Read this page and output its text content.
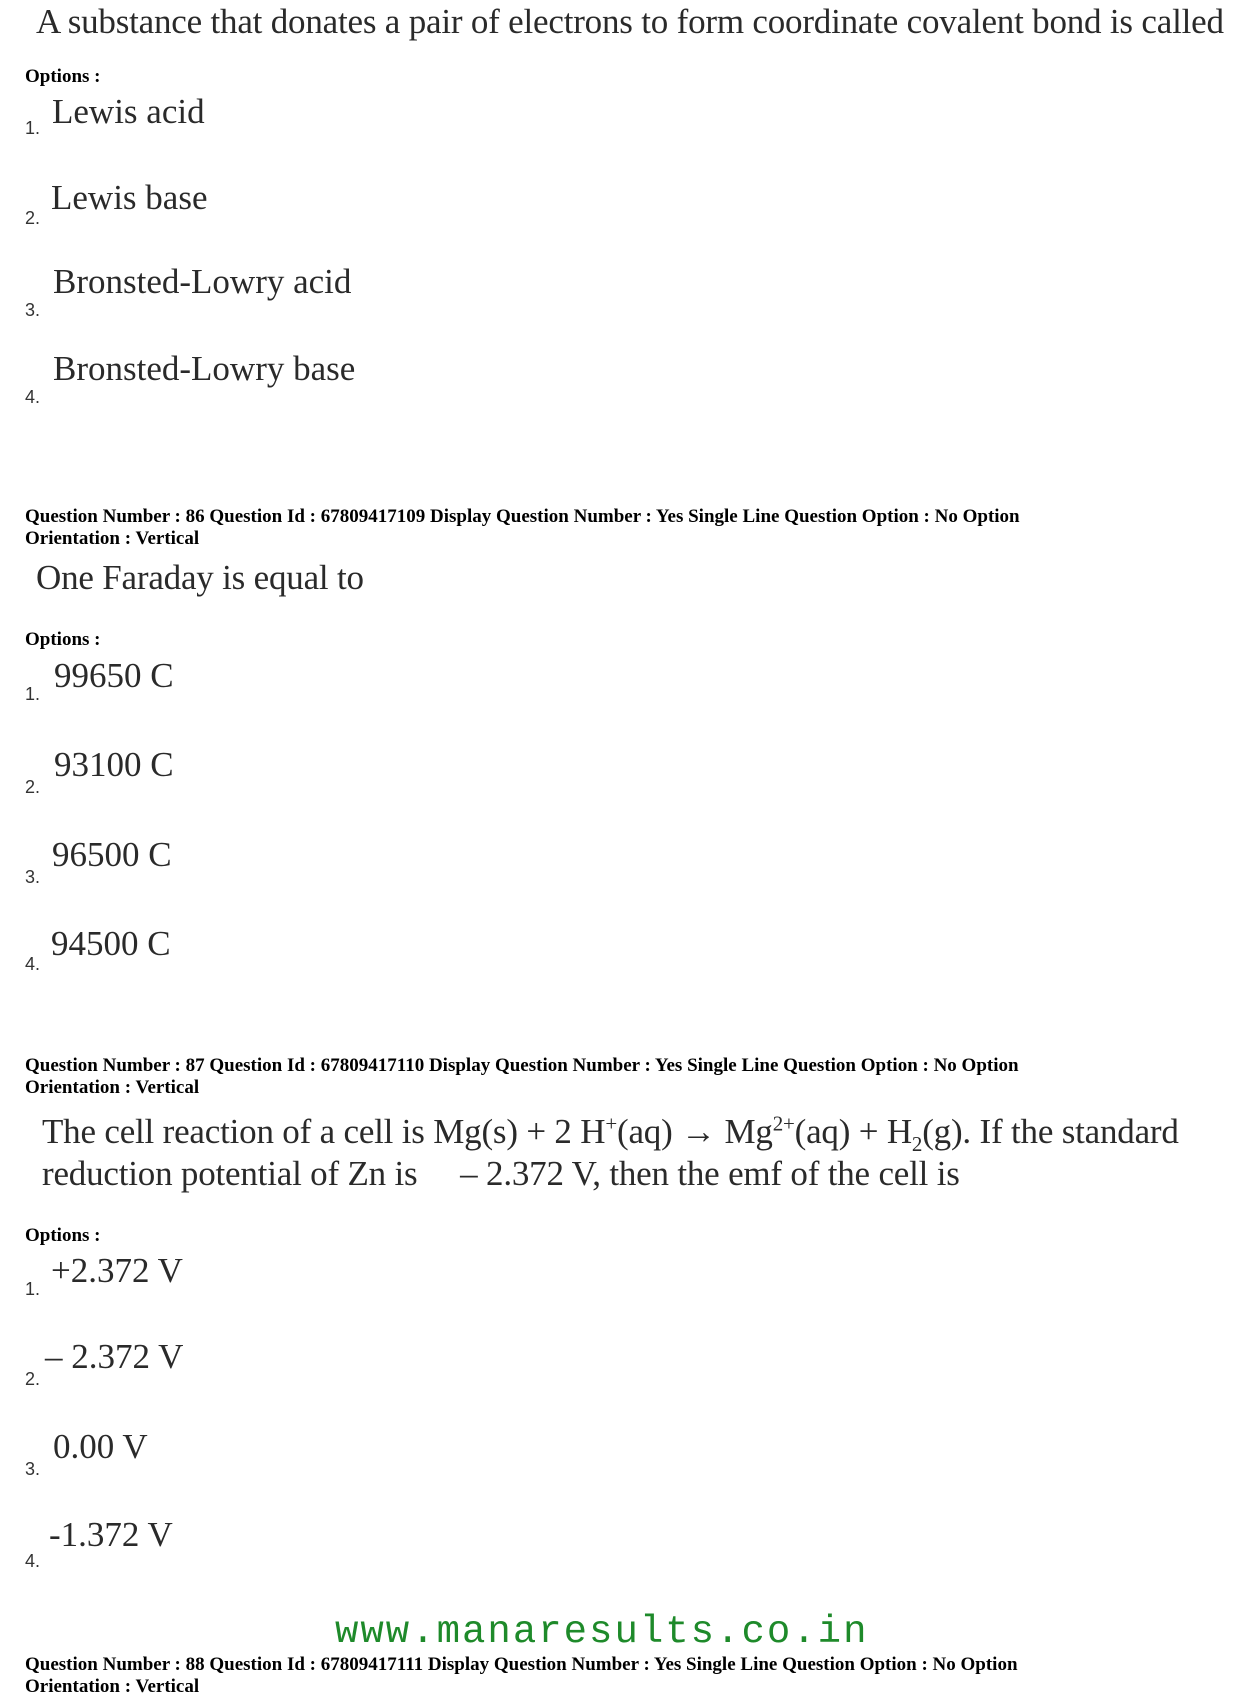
A substance that donates a pair of electrons to form coordinate covalent bond is called
Options :
1. Lewis acid
2.
Lewis base
3.
Bronsted-Lowry acid
4.
Bronsted-Lowry base
Question Number : 86 Question Id : 67809417109 Display Question Number : Yes Single Line Question Option : No Option
Orientation : Vertical
One Faraday is equal to
Options :
1. 99650 C
2.
93100 C
3.
96500 C
4.
94500 C
Question Number : 87 Question Id : 67809417110 Display Question Number : Yes Single Line Question Option : No Option
Orientation : Vertical
The cell reaction of a cell is Mg(s) + 2 $H^+(aq) \to Mg^{2+}(aq) + H_2(g)$. If the standard
reduction potential of Zn is     – 2.372 V, then the emf of the cell is
Options :
1. +2.372 V
2.
– 2.372 V
3.
0.00 V
4.
-1.372 V
www.manaresults.co.in
Question Number : 88 Question Id : 67809417111 Display Question Number : Yes Single Line Question Option : No Option
Orientation : Vertical
